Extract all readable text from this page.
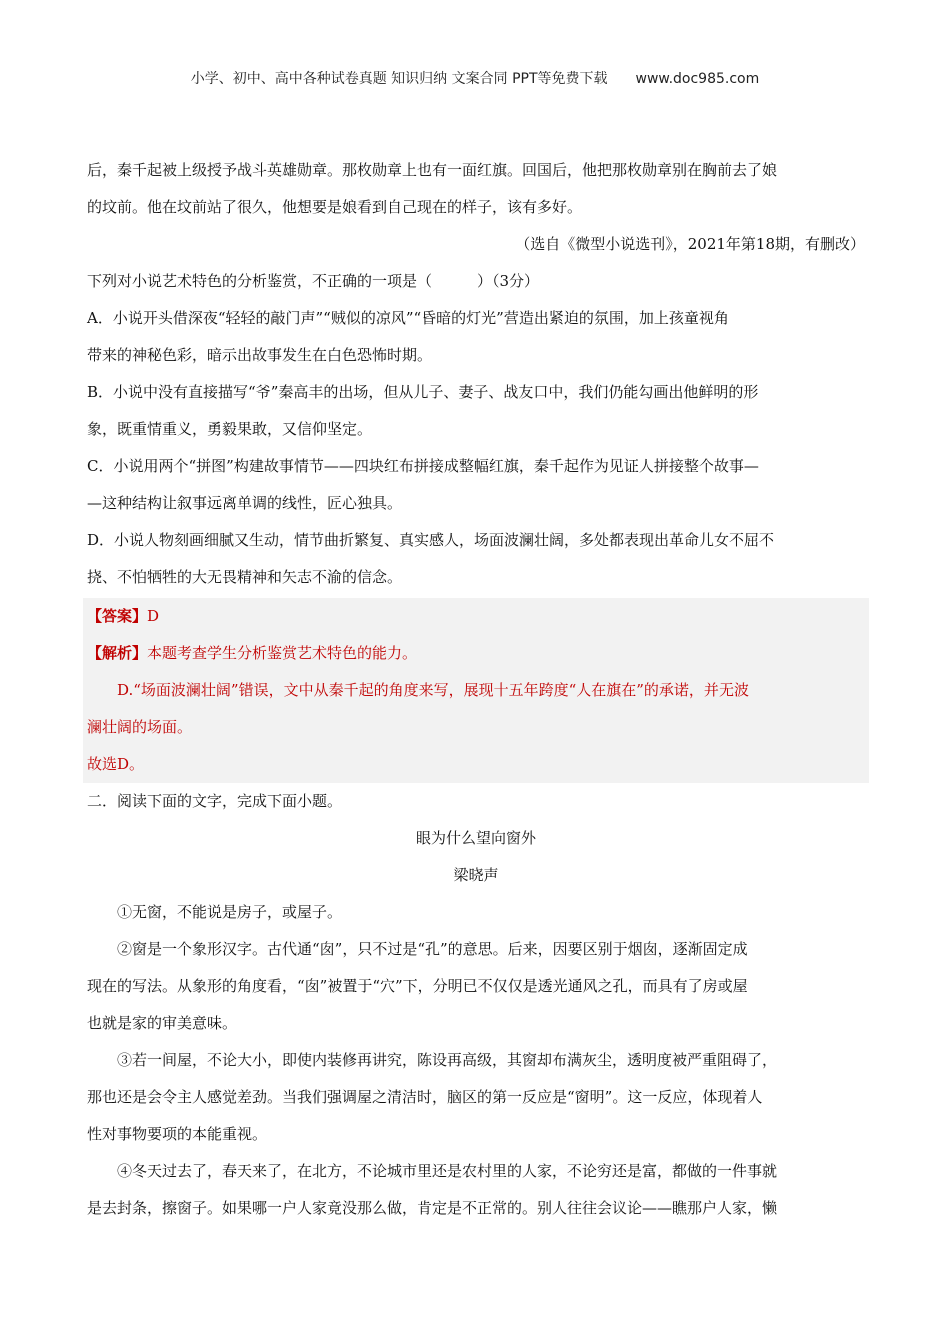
小学、初中、高中各种试卷真题 知识归纳 文案合同 PPT等免费下载 www.doc985.com

后，秦千起被上级授予战斗英雄勋章。那枚勋章上也有一面红旗。回国后，他把那枚勋章别在胸前去了娘

的坟前。他在坟前站了很久，他想要是娘看到自己现在的样子，该有多好。

（选自《微型小说选刊》，2021年第18期，有删改）

下列对小说艺术特色的分析鉴赏，不正确的一项是（　　　）（3分）

A．小说开头借深夜“轻轻的敲门声”“贼似的凉风”“昏暗的灯光”营造出紧迫的氛围，加上孩童视角

带来的神秘色彩，暗示出故事发生在白色恐怖时期。

B．小说中没有直接描写“爷”秦高丰的出场，但从儿子、妻子、战友口中，我们仍能勾画出他鲜明的形

象，既重情重义，勇毅果敢，又信仰坚定。

C．小说用两个“拼图”构建故事情节——四块红布拼接成整幅红旗，秦千起作为见证人拼接整个故事—

—这种结构让叙事远离单调的线性，匠心独具。

D．小说人物刻画细腻又生动，情节曲折繁复、真实感人，场面波澜壮阔，多处都表现出革命儿女不屈不

挠、不怕牺牲的大无畏精神和矢志不渝的信念。

【答案】D

【解析】本题考查学生分析鉴赏艺术特色的能力。

D.“场面波澜壮阔”错误，文中从秦千起的角度来写，展现十五年跨度“人在旗在”的承诺，并无波

澜壮阔的场面。

故选D。

二．阅读下面的文字，完成下面小题。

眼为什么望向窗外

梁晓声

①无窗，不能说是房子，或屋子。

②窗是一个象形汉字。古代通“囱”，只不过是“孔”的意思。后来，因要区别于烟囱，逐渐固定成

现在的写法。从象形的角度看，“囱”被置于“穴”下，分明已不仅仅是透光通风之孔，而具有了房或屋

也就是家的审美意味。

③若一间屋，不论大小，即使内装修再讲究，陈设再高级，其窗却布满灰尘，透明度被严重阻碍了，

那也还是会令主人感觉差劲。当我们强调屋之清洁时，脑区的第一反应是“窗明”。这一反应，体现着人

性对事物要项的本能重视。

④冬天过去了，春天来了，在北方，不论城市里还是农村里的人家，不论穷还是富，都做的一件事就

是去封条，擦窗子。如果哪一户人家竟没那么做，肯定是不正常的。别人往往会议论——瞧那户人家，懒
